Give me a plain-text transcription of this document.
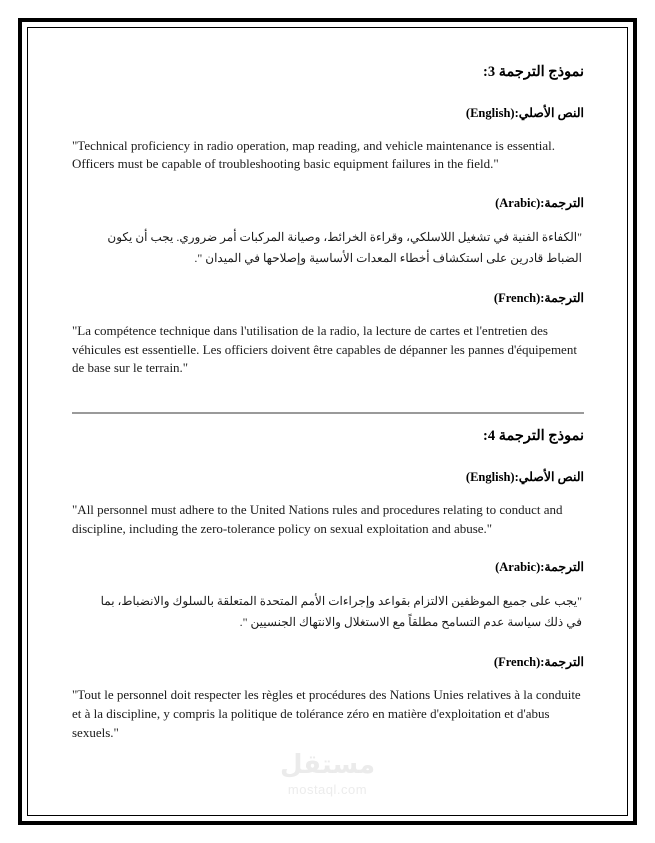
نموذج الترجمة 3:
النص الأصلي:(English)
"Technical proficiency in radio operation, map reading, and vehicle maintenance is essential. Officers must be capable of troubleshooting basic equipment failures in the field."
الترجمة:(Arabic)
"الكفاءة الفنية في تشغيل اللاسلكي، وقراءة الخرائط، وصيانة المركبات أمر ضروري. يجب أن يكون الضباط قادرين على استكشاف أخطاء المعدات الأساسية وإصلاحها في الميدان ".
الترجمة:(French)
"La compétence technique dans l'utilisation de la radio, la lecture de cartes et l'entretien des véhicules est essentielle. Les officiers doivent être capables de dépanner les pannes d'équipement de base sur le terrain."
نموذج الترجمة 4:
النص الأصلي:(English)
"All personnel must adhere to the United Nations rules and procedures relating to conduct and discipline, including the zero-tolerance policy on sexual exploitation and abuse."
الترجمة:(Arabic)
"يجب على جميع الموظفين الالتزام بقواعد وإجراءات الأمم المتحدة المتعلقة بالسلوك والانضباط، بما في ذلك سياسة عدم التسامح مطلقاً مع الاستغلال والانتهاك الجنسيين ".
الترجمة:(French)
"Tout le personnel doit respecter les règles et procédures des Nations Unies relatives à la conduite et à la discipline, y compris la politique de tolérance zéro en matière d'exploitation et d'abus sexuels."
مستقل
mostaql.com
